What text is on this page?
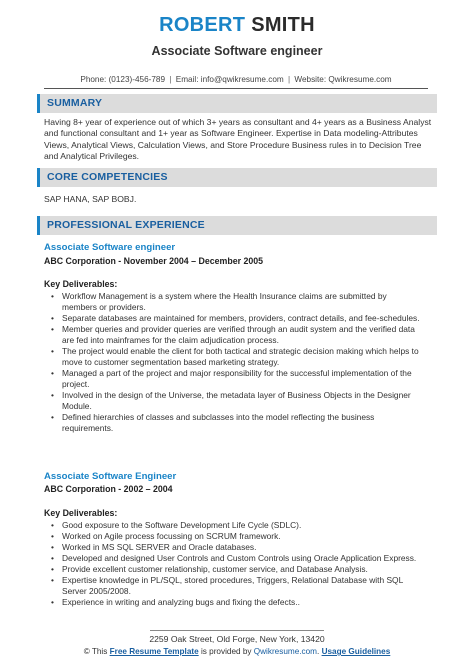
ROBERT SMITH
Associate Software engineer
Phone: (0123)-456-789 | Email: info@qwikresume.com | Website: Qwikresume.com
SUMMARY
Having 8+ year of experience out of which 3+ years as consultant and 4+ years as a Business Analyst and functional consultant and 1+ year as Software Engineer. Expertise in Data modeling-Attributes Views, Analytical Views, Calculation Views, and Store Procedure Business rules in to Decision Tree and Analytical Privileges.
CORE COMPETENCIES
SAP HANA, SAP BOBJ.
PROFESSIONAL EXPERIENCE
Associate Software engineer
ABC Corporation - November 2004 – December 2005
Key Deliverables:
• Workflow Management is a system where the Health Insurance claims are submitted by members or providers.
• Separate databases are maintained for members, providers, contract details, and fee-schedules.
• Member queries and provider queries are verified through an audit system and the verified data are fed into mainframes for the claim adjudication process.
• The project would enable the client for both tactical and strategic decision making which helps to move to customer segmentation based marketing strategy.
• Managed a part of the project and major responsibility for the successful implementation of the project.
• Involved in the design of the Universe, the metadata layer of Business Objects in the Designer Module.
• Defined hierarchies of classes and subclasses into the model reflecting the business requirements.
Associate Software Engineer
ABC Corporation - 2002 – 2004
Key Deliverables:
• Good exposure to the Software Development Life Cycle (SDLC).
• Worked on Agile process focussing on SCRUM framework.
• Worked in MS SQL SERVER and Oracle databases.
• Developed and designed User Controls and Custom Controls using Oracle Application Express.
• Provide excellent customer relationship, customer service, and Database Analysis.
• Expertise knowledge in PL/SQL, stored procedures, Triggers, Relational Database with SQL Server 2005/2008.
• Experience in writing and analyzing bugs and fixing the defects..
2259 Oak Street, Old Forge, New York, 13420
© This Free Resume Template is provided by Qwikresume.com. Usage Guidelines
